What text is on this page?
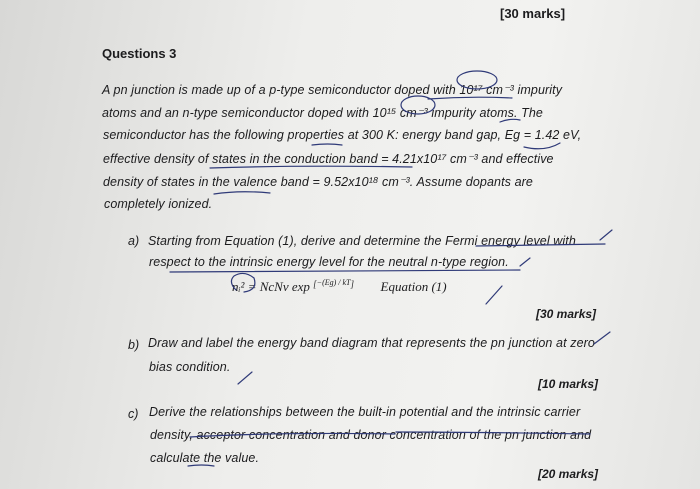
[30 marks]
Questions 3
A pn junction is made up of a p-type semiconductor doped with 10¹⁷ cm⁻³ impurity
atoms and an n-type semiconductor doped with 10¹⁵ cm⁻³ impurity atoms. The
semiconductor has the following properties at 300 K: energy band gap, Eg = 1.42 eV,
effective density of states in the conduction band = 4.21x10¹⁷ cm⁻³ and effective
density of states in the valence band = 9.52x10¹⁸ cm⁻³. Assume dopants are
completely ionized.
a) Starting from Equation (1), derive and determine the Fermi energy level with
respect to the intrinsic energy level for the neutral n-type region.
nᵢ² = NcNv exp [−(Eg) / kT] Equation (1)
[30 marks]
b) Draw and label the energy band diagram that represents the pn junction at zero
bias condition.
[10 marks]
c) Derive the relationships between the built-in potential and the intrinsic carrier
density, acceptor concentration and donor concentration of the pn junction and
calculate the value.
[20 marks]
